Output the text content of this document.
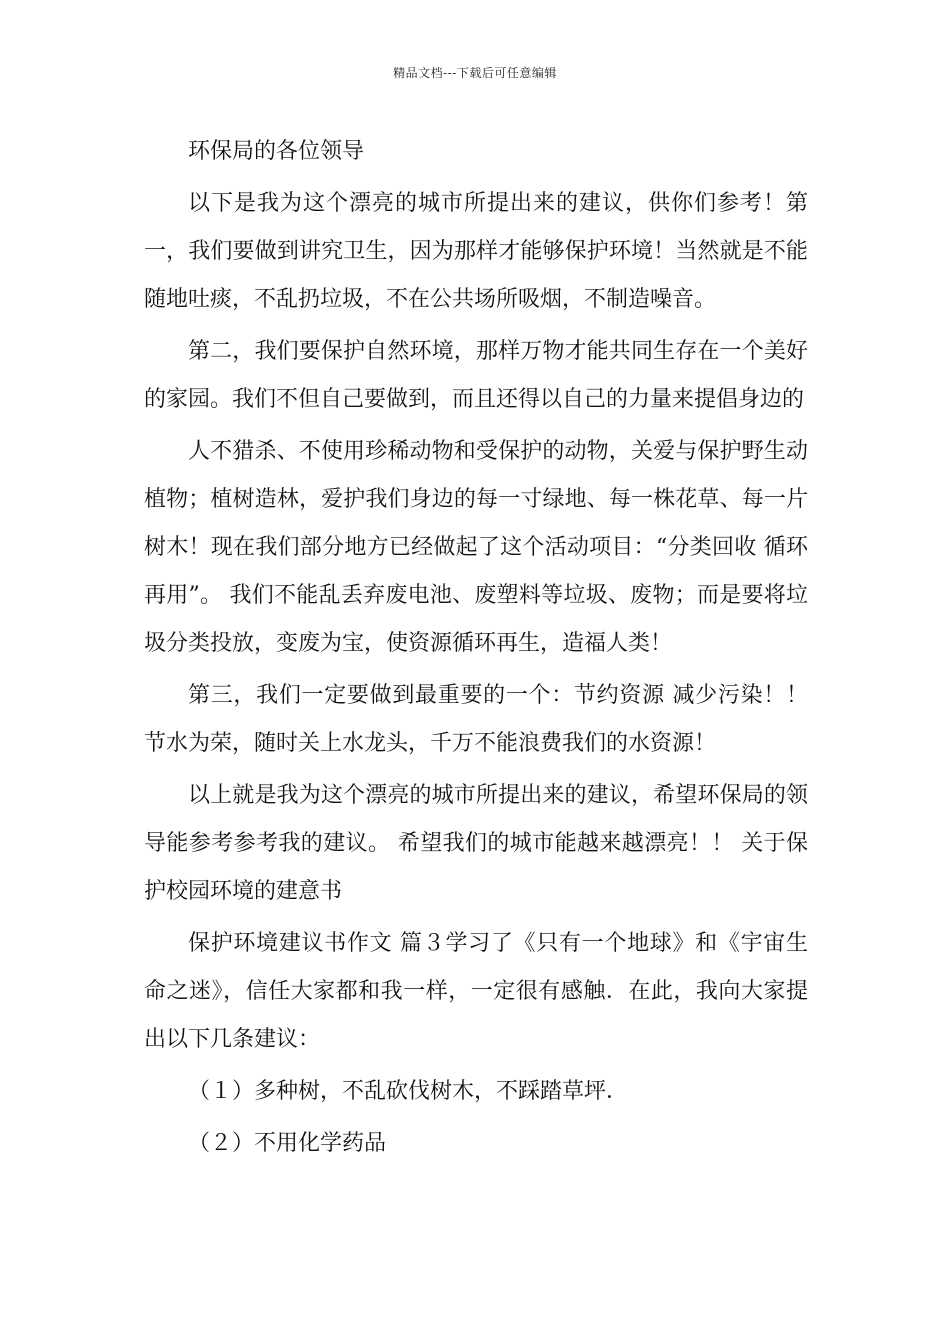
精品文档---下载后可任意编辑

环保局的各位领导

以下是我为这个漂亮的城市所提出来的建议，供你们参考！第一，我们要做到讲究卫生，因为那样才能够保护环境！当然就是不能随地吐痰，不乱扔垃圾，不在公共场所吸烟，不制造噪音。

第二，我们要保护自然环境，那样万物才能共同生存在一个美好的家园。我们不但自己要做到，而且还得以自己的力量来提倡身边的

人不猎杀、不使用珍稀动物和受保护的动物，关爱与保护野生动植物；植树造林，爱护我们身边的每一寸绿地、每一株花草、每一片树木！现在我们部分地方已经做起了这个活动项目：“分类回收 循环再用”。 我们不能乱丢弃废电池、废塑料等垃圾、废物；而是要将垃圾分类投放，变废为宝，使资源循环再生，造福人类！

第三，我们一定要做到最重要的一个：节约资源 减少污染！！节水为荣，随时关上水龙头，千万不能浪费我们的水资源！

以上就是我为这个漂亮的城市所提出来的建议，希望环保局的领导能参考参考我的建议。 希望我们的城市能越来越漂亮！！ 关于保护校园环境的建意书

保护环境建议书作文 篇３学习了《只有一个地球》和《宇宙生命之迷》，信任大家都和我一样，一定很有感触．在此，我向大家提出以下几条建议：

（１）多种树，不乱砍伐树木，不踩踏草坪．

（２）不用化学药品
